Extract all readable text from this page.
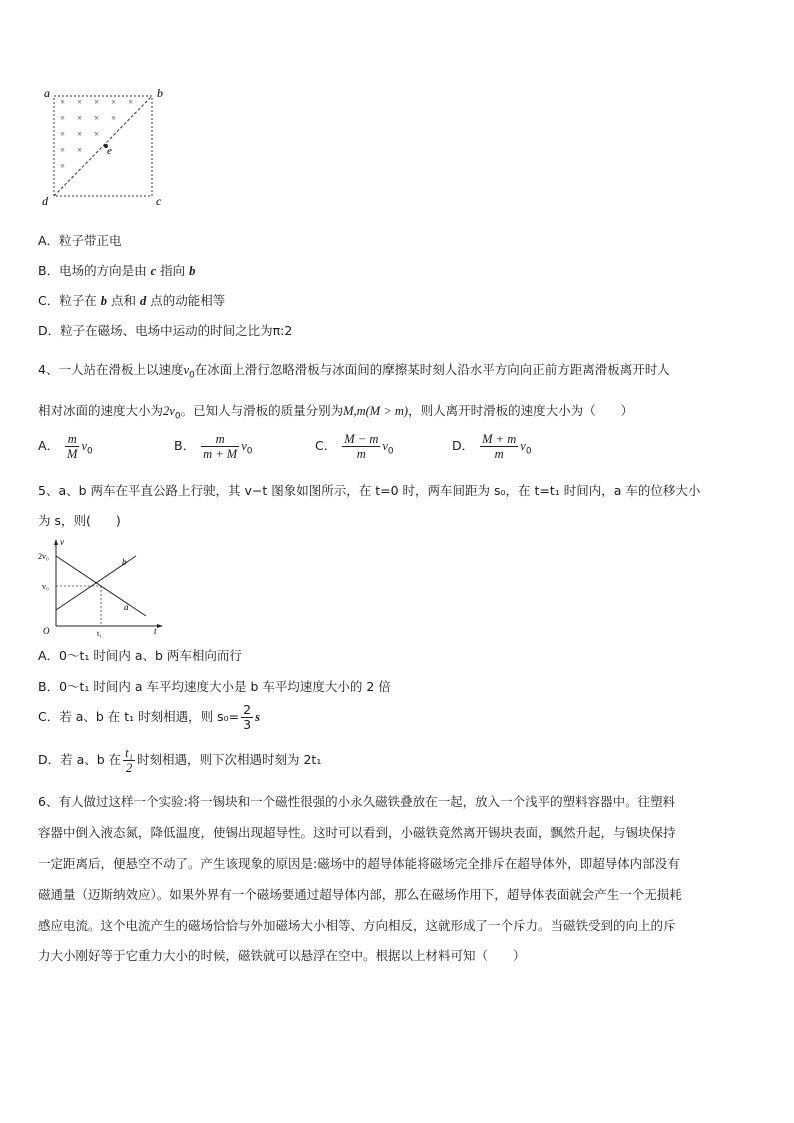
× × × × ×
× × × ×
× × ×
× ×
×
a	b
c
d
e
A．粒子带正电
B．电场的方向是由 c 指向 b
C．粒子在 b 点和 d 点的动能相等
D．粒子在磁场、电场中运动的时间之比为π:2
4、一人站在滑板上以速度$v_0$在冰面上滑行忽略滑板与冰面间的摩擦某时刻人沿水平方向向正前方距离滑板离开时人
相对冰面的速度大小为$2v_0$。已知人与滑板的质量分别为M,m(M > m)，则人离开时滑板的速度大小为（　　）
A． $\frac{m}{M} v_0$	B． $\frac{m}{m + M} v_0$	C． $\frac{M - m}{m} v_0$	D． $\frac{M + m}{m} v_0$
5、a、b 两车在平直公路上行驶，其 v−t 图象如图所示，在 t=0 时，两车间距为 s₀，在 t=t₁ 时间内，a 车的位移大小
为 s，则(　　)
v
t
O
2v₀
v₀
t₁
a
b
A．0～t₁ 时间内 a、b 两车相向而行
B．0～t₁ 时间内 a 车平均速度大小是 b 车平均速度大小的 2 倍
C．若 a、b 在 t₁ 时刻相遇，则 $s_0= \frac{2}{3}$ s
D．若 a、b 在 $\frac{\text{t₁}}{2}$ 时刻相遇，则下次相遇时刻为 2t₁
6、有人做过这样一个实验:将一锡块和一个磁性很强的小永久磁铁叠放在一起，放入一个浅平的塑料容器中。往塑料
容器中倒入液态氮，降低温度，使锡出现超导性。这时可以看到，小磁铁竟然离开锡块表面，飘然升起，与锡块保持
一定距离后，便悬空不动了。产生该现象的原因是:磁场中的超导体能将磁场完全排斥在超导体外，即超导体内部没有
磁通量（迈斯纳效应）。如果外界有一个磁场要通过超导体内部，那么在磁场作用下，超导体表面就会产生一个无损耗
感应电流。这个电流产生的磁场恰恰与外加磁场大小相等、方向相反，这就形成了一个斥力。当磁铁受到的向上的斥
力大小刚好等于它重力大小的时候，磁铁就可以悬浮在空中。根据以上材料可知（　　）
